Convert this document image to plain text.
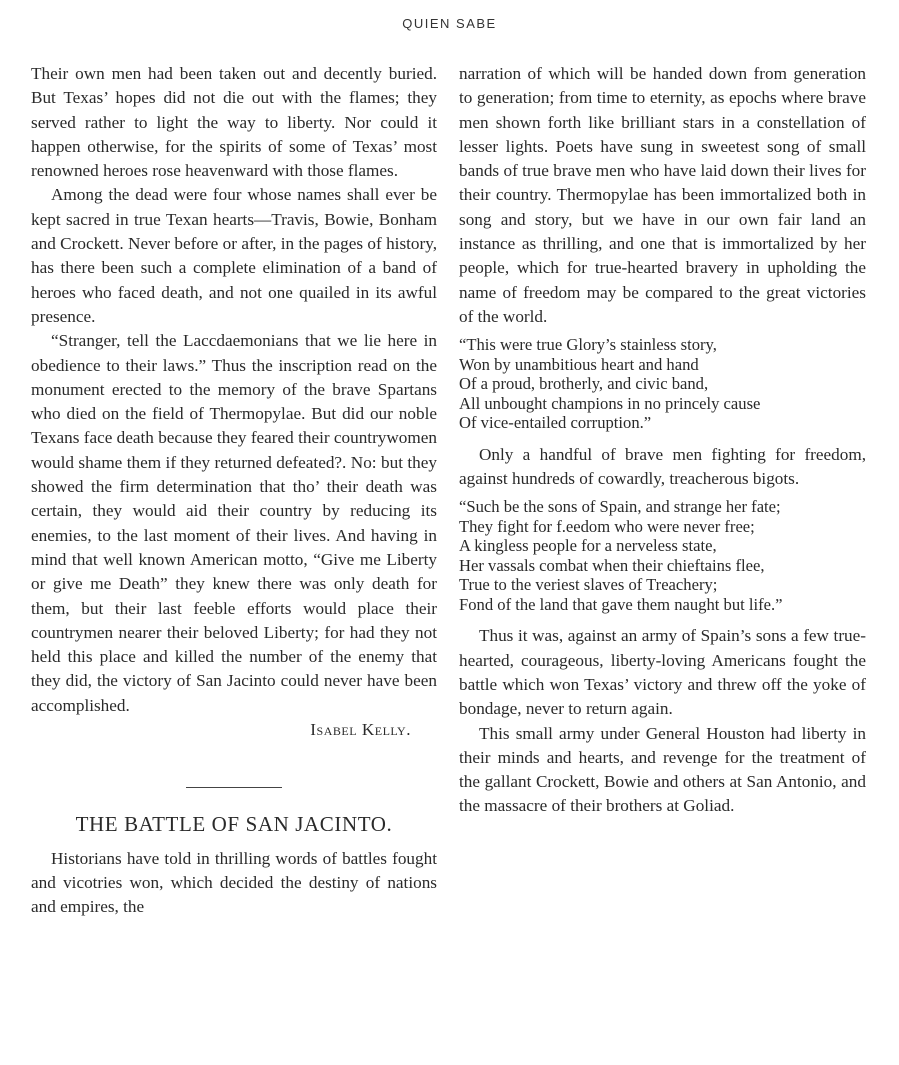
QUIEN SABE

Their own men had been taken out and decently buried. But Texas’ hopes did not die out with the flames; they served rather to light the way to liberty. Nor could it happen otherwise, for the spirits of some of Texas’ most renowned heroes rose heavenward with those flames.

Among the dead were four whose names shall ever be kept sacred in true Texan hearts—Travis, Bowie, Bonham and Crockett. Never before or after, in the pages of history, has there been such a complete elimination of a band of heroes who faced death, and not one quailed in its awful presence.

“Stranger, tell the Laccdaemonians that we lie here in obedience to their laws.” Thus the inscription read on the monument erected to the memory of the brave Spartans who died on the field of Thermopylae. But did our noble Texans face death because they feared their countrywomen would shame them if they returned defeated?. No: but they showed the firm determination that tho’ their death was certain, they would aid their country by reducing its enemies, to the last moment of their lives. And having in mind that well known American motto, “Give me Liberty or give me Death” they knew there was only death for them, but their last feeble efforts would place their countrymen nearer their beloved Liberty; for had they not held this place and killed the number of the enemy that they did, the victory of San Jacinto could never have been accomplished.

Isabel Kelly.

THE BATTLE OF SAN JACINTO.

Historians have told in thrilling words of battles fought and vicotries won, which decided the destiny of nations and empires, the

narration of which will be handed down from generation to generation; from time to eternity, as epochs where brave men shown forth like brilliant stars in a constellation of lesser lights. Poets have sung in sweetest song of small bands of true brave men who have laid down their lives for their country. Thermopylae has been immortalized both in song and story, but we have in our own fair land an instance as thrilling, and one that is immortalized by her people, which for true-hearted bravery in upholding the name of freedom may be compared to the great victories of the world.

“This were true Glory’s stainless story,
Won by unambitious heart and hand
Of a proud, brotherly, and civic band,
All unbought champions in no princely cause
Of vice-entailed corruption.”

Only a handful of brave men fighting for freedom, against hundreds of cowardly, treacherous bigots.

“Such be the sons of Spain, and strange her fate;
They fight for f.eedom who were never free;
A kingless people for a nerveless state,
Her vassals combat when their chieftains flee,
True to the veriest slaves of Treachery;
Fond of the land that gave them naught but life.”

Thus it was, against an army of Spain’s sons a few true-hearted, courageous, liberty-loving Americans fought the battle which won Texas’ victory and threw off the yoke of bondage, never to return again.

This small army under General Houston had liberty in their minds and hearts, and revenge for the treatment of the gallant Crockett, Bowie and others at San Antonio, and the massacre of their brothers at Goliad.
